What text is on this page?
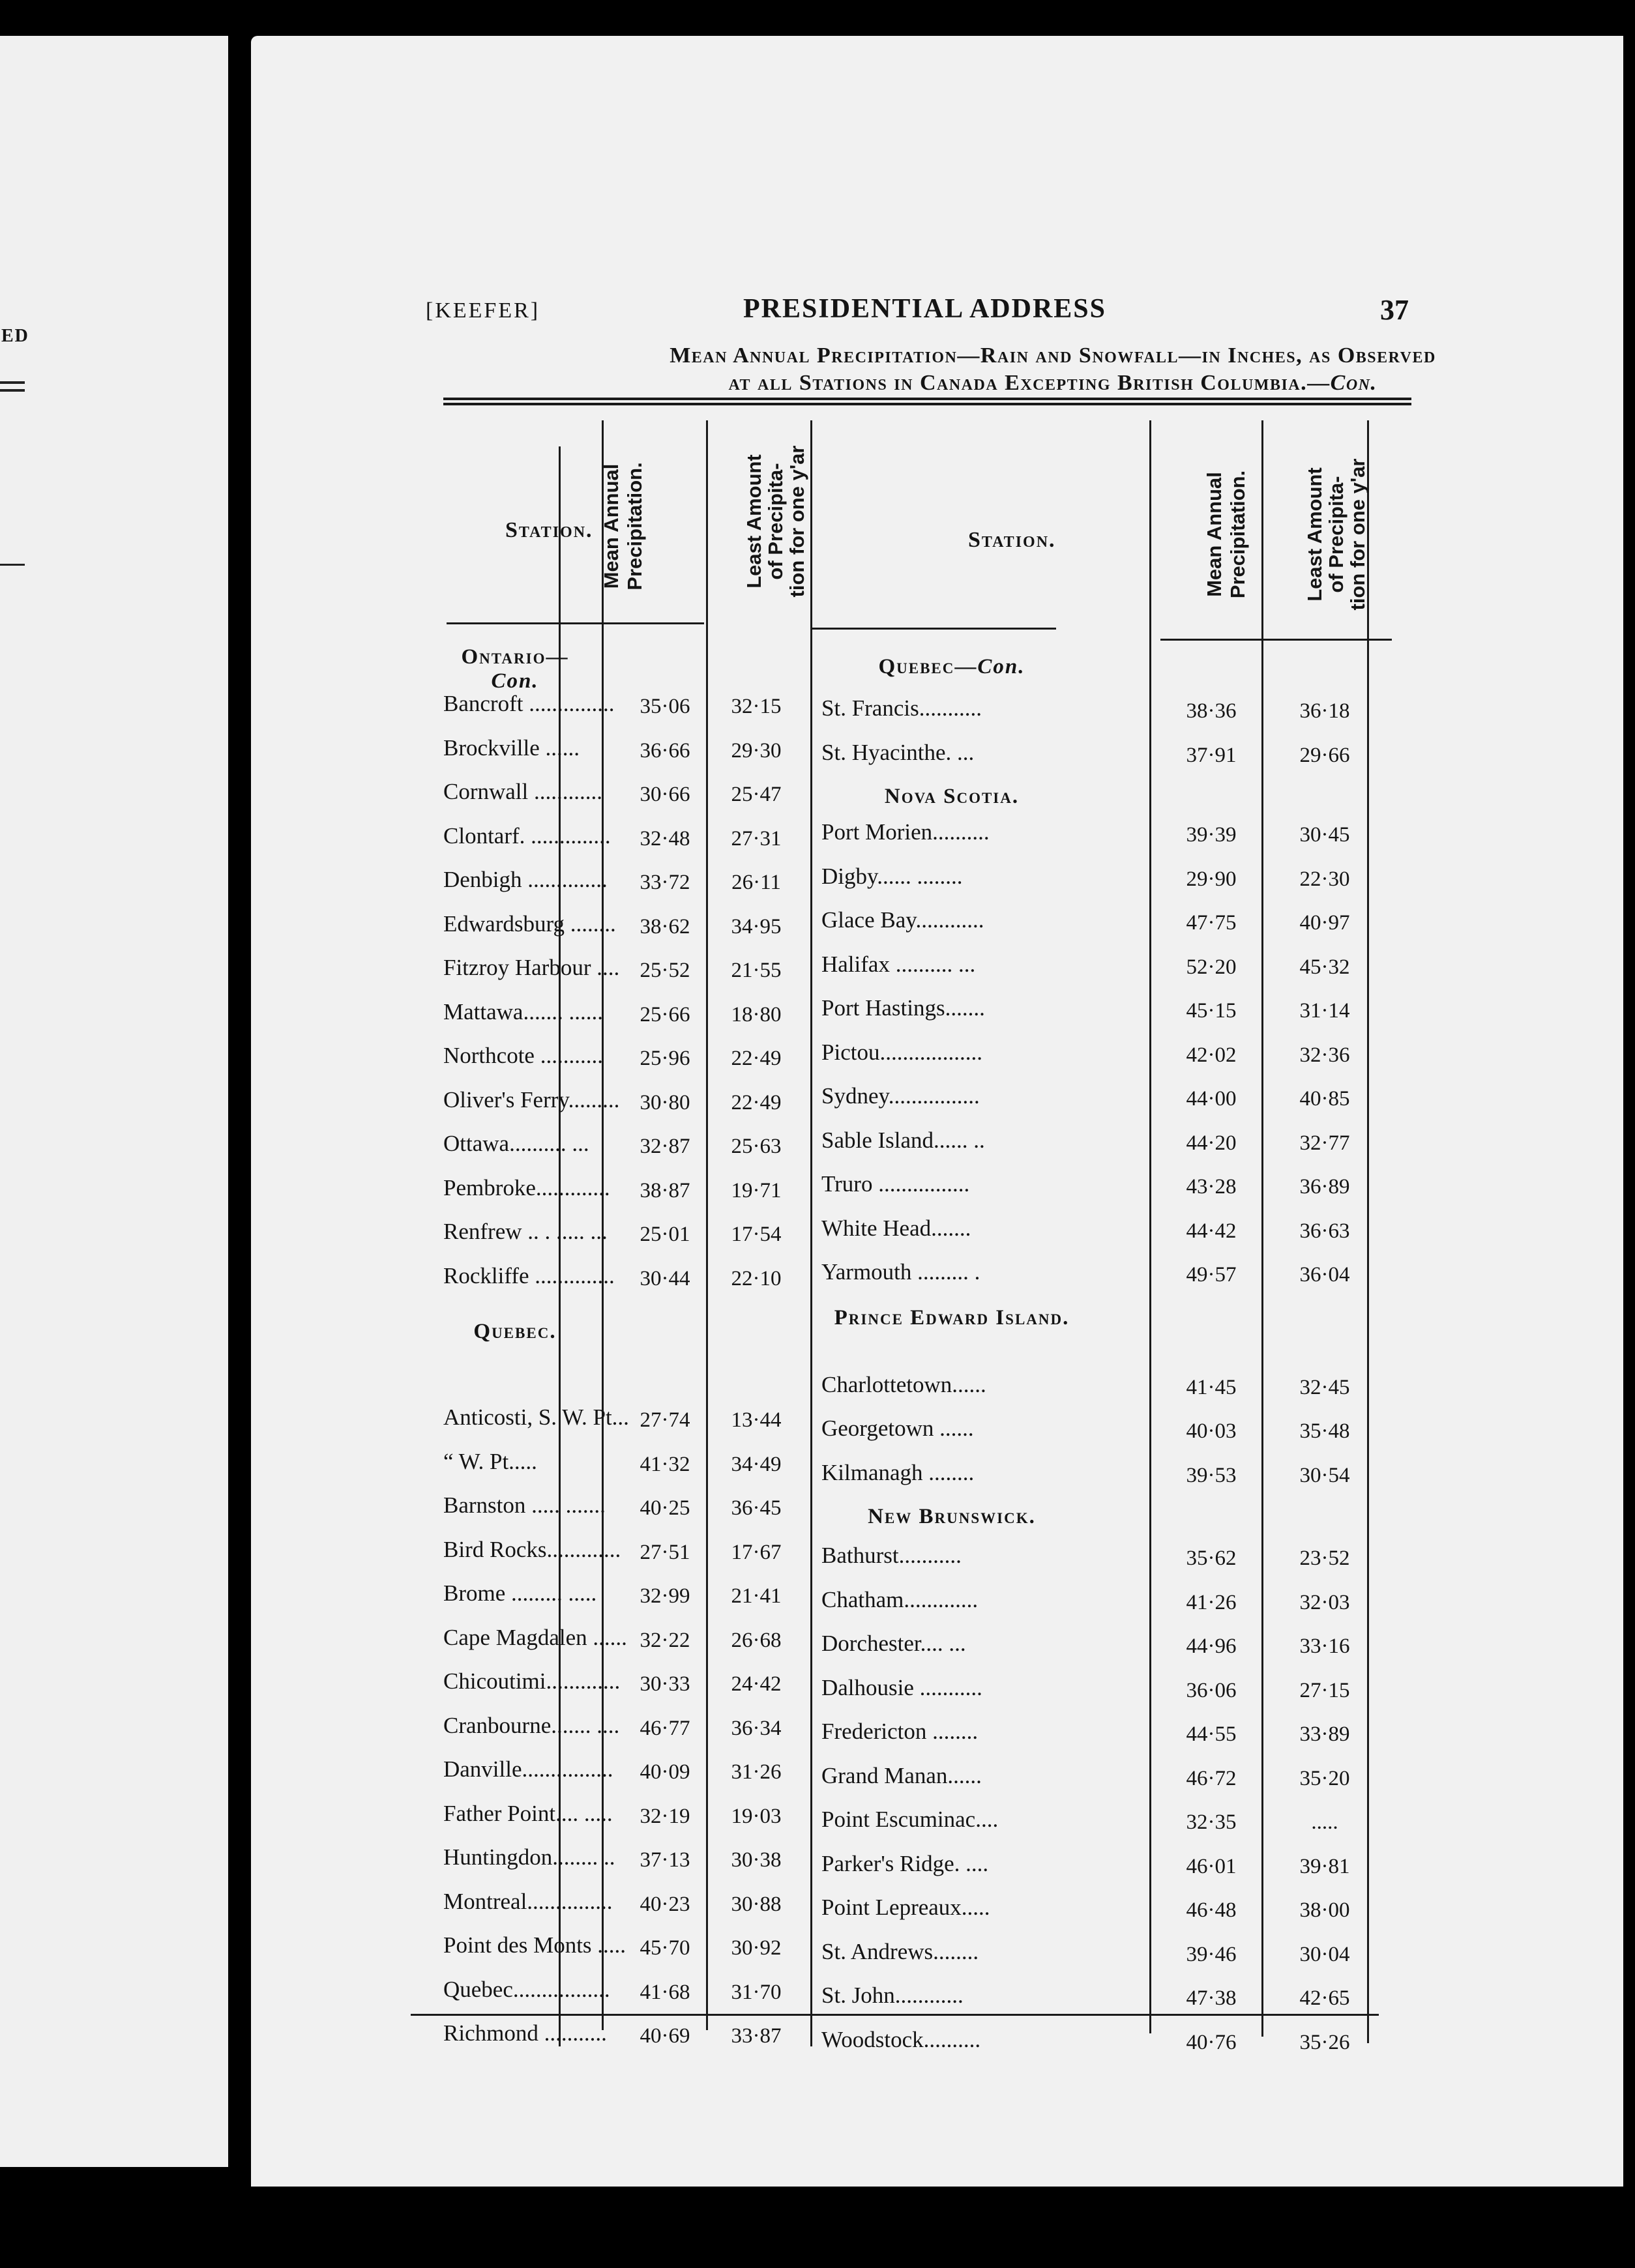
ED
[KEEFER]	PRESIDENTIAL ADDRESS	37
Mean Annual Precipitation—Rain and Snowfall—in Inches, as Observed
at all Stations in Canada Excepting British Columbia.—Con.
Station. Mean Annual Precipitation.	Least Amount
of Precipita-
tion for one y'ar	Station.	Mean Annual Precipitation.	Least Amount
of Precipita-
tion for one y'ar
Ontario—Con.
Bancroft ...............	35·06	32·15
Brockville ......	36·66	29·30
Cornwall ............	30·66	25·47
Clontarf. ..............	32·48	27·31
Denbigh ..............	33·72	26·11
Edwardsburg ........	38·62	34·95
Fitzroy Harbour .... 25·52	21·55
Mattawa....... ......	25·66	18·80
Northcote ...........	25·96	22·49
Oliver's Ferry......... 30·80	22·49
Ottawa.......... ...	32·87	25·63
Pembroke.............	38·87	19·71
Renfrew .. . ..... ...	25·01	17·54
Rockliffe ..............	30·44	22·10
Quebec.
Anticosti, S. W. Pt... 27·74	13·44
“ W. Pt.....	41·32	34·49
Barnston ..... .......	40·25	36·45
Bird Rocks............. 27·51	17·67
Brome ......... .....	32·99	21·41
Cape Magdalen ...... 32·22	26·68
Chicoutimi............. 30·33	24·42
Cranbourne....... .... 46·77	36·34
Danville................	40·09	31·26
Father Point.... .....	32·19	19·03
Huntingdon........ ..	37·13	30·38
Montreal...............	40·23	30·88
Point des Monts ..... 45·70	30·92
Quebec.................	41·68	31·70
Richmond ...........	40·69	33·87
Quebec—Con.
St. Francis...........	38·36	36·18
St. Hyacinthe. ...	37·91	29·66
Nova Scotia.
Port Morien..........	39·39	30·45
Digby...... ........	29·90	22·30
Glace Bay............	47·75	40·97
Halifax .......... ...	52·20	45·32
Port Hastings.......	45·15	31·14
Pictou..................	42·02	32·36
Sydney................	44·00	40·85
Sable Island...... ..	44·20	32·77
Truro ................	43·28	36·89
White Head.......	44·42	36·63
Yarmouth ......... .	49·57	36·04
Prince Edward Island.
Charlottetown......	41·45	32·45
Georgetown ......	40·03	35·48
Kilmanagh ........	39·53	30·54
New Brunswick.
Bathurst...........	35·62	23·52
Chatham.............	41·26	32·03
Dorchester.... ...	44·96	33·16
Dalhousie ...........	36·06	27·15
Fredericton ........	44·55	33·89
Grand Manan......	46·72	35·20
Point Escuminac....	32·35	.....
Parker's Ridge. ....	46·01	39·81
Point Lepreaux.....	46·48	38·00
St. Andrews........	39·46	30·04
St. John............	47·38	42·65
Woodstock..........	40·76	35·26
